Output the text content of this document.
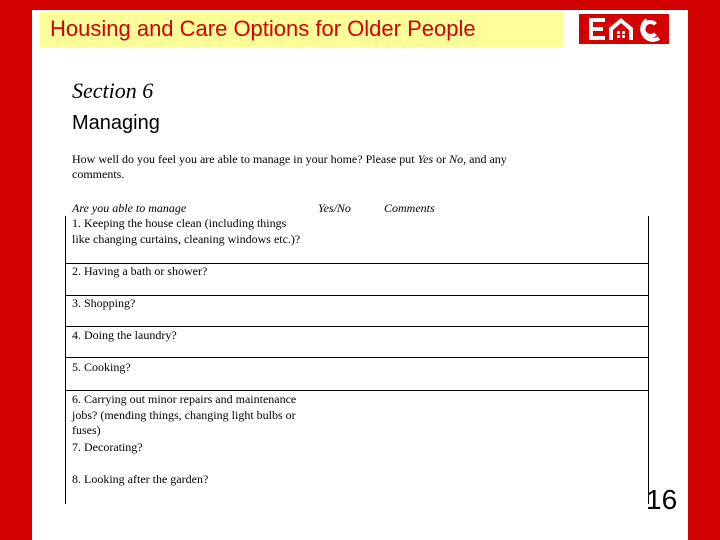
Housing and Care Options for Older People
Section 6
Managing
How well do you feel you are able to manage in your home? Please put Yes or No, and any comments.
Are you able to manage	Yes/No	Comments
1. Keeping the house clean (including things like changing curtains, cleaning windows etc.)?
2. Having a bath or shower?
3. Shopping?
4. Doing the laundry?
5. Cooking?
6. Carrying out minor repairs and maintenance jobs? (mending things, changing light bulbs or fuses)
7. Decorating?
8. Looking after the garden?
16
